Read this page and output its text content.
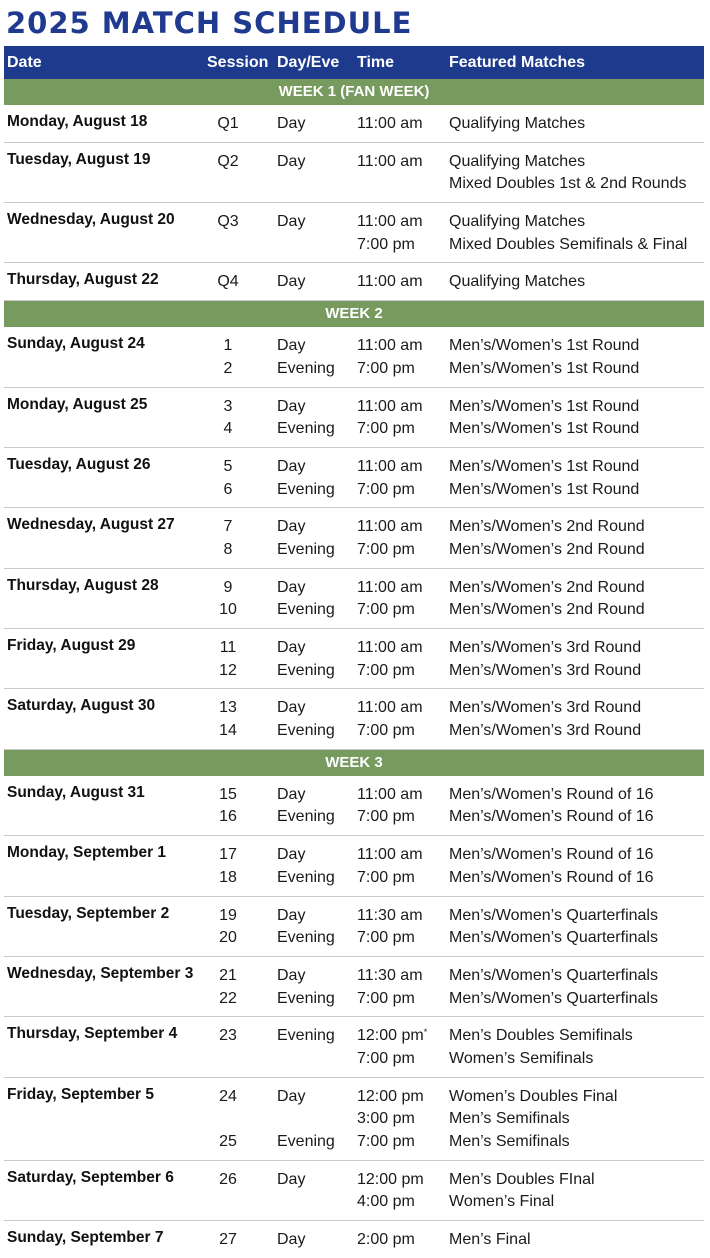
2025 MATCH SCHEDULE
Date	Session Day/Eve Time	Featured Matches
WEEK 1 (FAN WEEK)
Monday, August 18	Q1	Day	11:00 am Qualifying Matches
Tuesday, August 19	Q2	Day	11:00 am Qualifying Matches
Mixed Doubles 1st & 2nd Rounds
Wednesday, August 20	Q3	Day	11:00 am Qualifying Matches
7:00 pm Mixed Doubles Semifinals & Final
Thursday, August 22	Q4	Day	11:00 am Qualifying Matches
WEEK 2
Sunday, August 24	1	Day	11:00 am Men’s/Women’s 1st Round
2	Evening 7:00 pm Men’s/Women’s 1st Round
Monday, August 25	3	Day	11:00 am Men’s/Women’s 1st Round
4	Evening 7:00 pm Men’s/Women’s 1st Round
Tuesday, August 26	5	Day	11:00 am Men’s/Women’s 1st Round
6	Evening 7:00 pm Men’s/Women’s 1st Round
Wednesday, August 27	7	Day	11:00 am Men’s/Women’s 2nd Round
8	Evening 7:00 pm Men’s/Women’s 2nd Round
Thursday, August 28	9	Day	11:00 am Men’s/Women’s 2nd Round
10	Evening 7:00 pm Men’s/Women’s 2nd Round
Friday, August 29	11	Day	11:00 am Men’s/Women’s 3rd Round
12	Evening 7:00 pm Men’s/Women’s 3rd Round
Saturday, August 30	13	Day	11:00 am Men’s/Women’s 3rd Round
14	Evening 7:00 pm Men’s/Women’s 3rd Round
WEEK 3
Sunday, August 31	15	Day	11:00 am Men’s/Women’s Round of 16
16	Evening 7:00 pm Men’s/Women’s Round of 16
Monday, September 1	17	Day	11:00 am Men’s/Women’s Round of 16
18	Evening 7:00 pm Men’s/Women’s Round of 16
Tuesday, September 2	19	Day	11:30 am Men’s/Women’s Quarterfinals
20	Evening 7:00 pm Men’s/Women’s Quarterfinals
Wednesday, September 3	21	Day	11:30 am Men’s/Women’s Quarterfinals
22	Evening 7:00 pm Men’s/Women’s Quarterfinals
Thursday, September 4	23	Evening 12:00 pm* Men’s Doubles Semifinals
7:00 pm Women’s Semifinals
Friday, September 5	24	Day	12:00 pm Women’s Doubles Final
3:00 pm Men’s Semifinals
25	Evening 7:00 pm Men’s Semifinals
Saturday, September 6	26	Day	12:00 pm Men’s Doubles FInal
4:00 pm Women’s Final
Sunday, September 7	27	Day	2:00 pm Men’s Final
